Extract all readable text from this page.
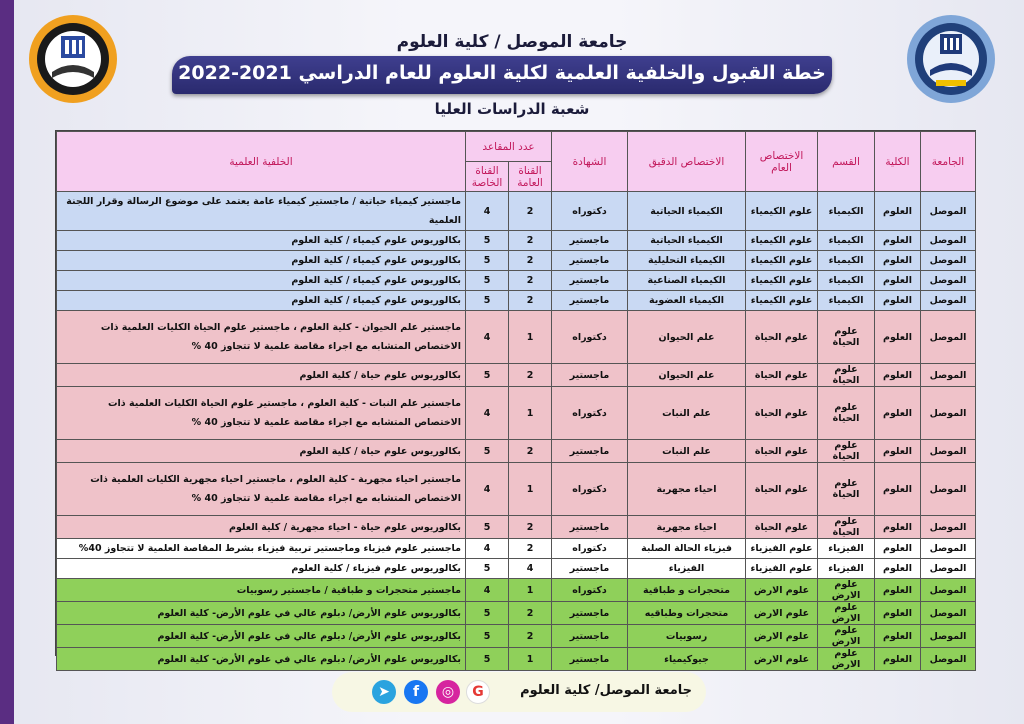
جامعة الموصل / كلية العلوم
خطة القبول والخلفية العلمية لكلية العلوم للعام الدراسي 2021-2022
شعبة الدراسات العليا
الجامعة	الكلية	القسم	الاختصاص العام	الاختصاص الدقيق	الشهادة	عدد المقاعد		الخلفية العلمية
						القناة العامة	القناة الخاصة	
الموصل	العلوم	الكيمياء	علوم الكيمياء	الكيمياء الحياتية	دكتوراه	2	4	ماجستير كيمياء حياتية / ماجستير كيمياء عامة يعتمد على موضوع الرسالة وقرار اللجنة العلمية
الموصل	العلوم	الكيمياء	علوم الكيمياء	الكيمياء الحياتية	ماجستير	2	5	بكالوريوس علوم كيمياء / كلية العلوم
الموصل	العلوم	الكيمياء	علوم الكيمياء	الكيمياء التحليلية	ماجستير	2	5	بكالوريوس علوم كيمياء / كلية العلوم
الموصل	العلوم	الكيمياء	علوم الكيمياء	الكيمياء الصناعية	ماجستير	2	5	بكالوريوس علوم كيمياء / كلية العلوم
الموصل	العلوم	الكيمياء	علوم الكيمياء	الكيمياء العضوية	ماجستير	2	5	بكالوريوس علوم كيمياء / كلية العلوم
الموصل	العلوم	علوم الحياة	علوم الحياة	علم الحيوان	دكتوراه	1	4	ماجستير علم الحيوان - كلية العلوم ، ماجستير علوم الحياة الكليات العلمية ذات الاختصاص المتشابه مع اجراء مقاصة علمية لا تتجاوز 40 %
الموصل	العلوم	علوم الحياة	علوم الحياة	علم الحيوان	ماجستير	2	5	بكالوريوس علوم حياة / كلية العلوم
الموصل	العلوم	علوم الحياة	علوم الحياة	علم النبات	دكتوراه	1	4	ماجستير علم النبات - كلية العلوم ، ماجستير علوم الحياة الكليات العلمية ذات الاختصاص المتشابه مع اجراء مقاصة علمية لا تتجاوز 40 %
الموصل	العلوم	علوم الحياة	علوم الحياة	علم النبات	ماجستير	2	5	بكالوريوس علوم حياة / كلية العلوم
الموصل	العلوم	علوم الحياة	علوم الحياة	احياء مجهرية	دكتوراه	1	4	ماجستير احياء مجهرية - كلية العلوم ، ماجستير احياء مجهرية الكليات العلمية ذات الاختصاص المتشابه مع اجراء مقاصة علمية لا تتجاوز 40 %
الموصل	العلوم	علوم الحياة	علوم الحياة	احياء مجهرية	ماجستير	2	5	بكالوريوس علوم حياة - احياء مجهرية / كلية العلوم
الموصل	العلوم	الفيزياء	علوم الفيزياء	فيزياء الحالة الصلبة	دكتوراه	2	4	ماجستير علوم فيزياء وماجستير تربية فيزياء بشرط المقاصة العلمية لا تتجاوز 40%
الموصل	العلوم	الفيزياء	علوم الفيزياء	الفيزياء	ماجستير	4	5	بكالوريوس علوم فيزياء / كلية العلوم
الموصل	العلوم	علوم الارض	علوم الارض	متحجرات و طباقية	دكتوراه	1	4	ماجستير متحجرات و طباقية / ماجستير رسوبيات
الموصل	العلوم	علوم الارض	علوم الارض	متحجرات وطباقيه	ماجستير	2	5	بكالوريوس علوم الأرض/ دبلوم عالي في علوم الأرض- كلية العلوم
الموصل	العلوم	علوم الارض	علوم الارض	رسوبيات	ماجستير	2	5	بكالوريوس علوم الأرض/ دبلوم عالي في علوم الأرض- كلية العلوم
الموصل	العلوم	علوم الارض	علوم الارض	جيوكيمياء	ماجستير	1	5	بكالوريوس علوم الأرض/ دبلوم عالي في علوم الأرض- كلية العلوم
➤	f	◎	G	جامعة الموصل/ كلية العلوم
